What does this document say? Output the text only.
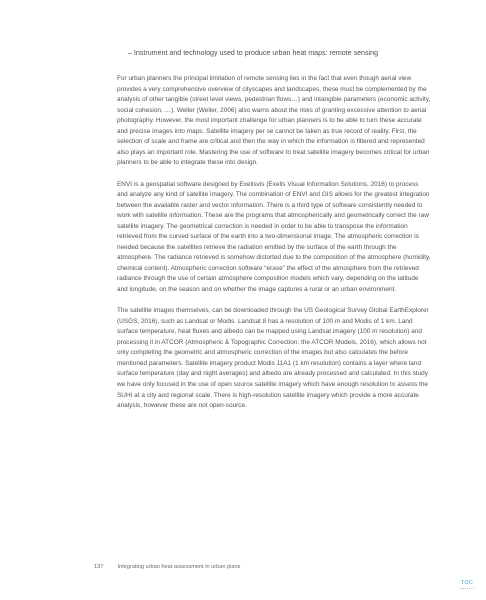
– Instrument and technology used to produce urban heat maps: remote sensing

For urban planners the principal limitation of remote sensing lies in the fact that even though aerial view provides a very comprehensive overview of cityscapes and landscapes, these must be complemented by the analysis of other tangible (street level views, pedestrian flows…) and intangible parameters (economic activity, social cohesion, …). Weller (Weller, 2006) also warns about the risks of granting excessive attention to aerial photography. However, the most important challenge for urban planners is to be able to turn these accurate and precise images into maps. Satellite imagery per se cannot be taken as true record of reality. First, the selection of scale and frame are critical and then the way in which the information is filtered and represented also plays an important role. Mastering the use of software to treat satellite imagery becomes critical for urban planners to be able to integrate these into design.

ENVI is a geospatial software designed by Exelisvis (Exelis Visual Information Solutions, 2016) to process and analyze any kind of satellite imagery. The combination of ENVI and GIS allows for the greatest integration between the available raster and vector information. There is a third type of software consistently needed to work with satellite information. These are the programs that atmospherically and geometrically correct the raw satellite imagery. The geometrical correction is needed in order to be able to transpose the information retrieved from the curved surface of the earth into a two-dimensional image. The atmospheric correction is needed because the satellites retrieve the radiation emitted by the surface of the earth through the atmosphere. The radiance retrieved is somehow distorted due to the composition of the atmosphere (humidity, chemical content). Atmospheric correction software “erase” the effect of the atmosphere from the retrieved radiance through the use of certain atmosphere composition models which vary, depending on the latitude and longitude, on the season and on whether the image captures a rural or an urban environment.

The satellite images themselves, can be downloaded through the US Geological Survey Global EarthExplorer (USGS, 2016), such as Landsat or Modis. Landsat 8 has a resolution of 100 m and Modis of 1 km. Land surface temperature, heat fluxes and albedo can be mapped using Landsat imagery (100 m resolution) and processing it in ATCOR (Atmospheric & Topographic Correction: the ATCOR Models, 2016), which allows not only completing the geometric and atmospheric correction of the images but also calculates the before mentioned parameters. Satellite imagery product Modis 11A1 (1 km resolution) contains a layer where land surface temperature (day and night averages) and albedo are already processed and calculated. In this study we have only focused in the use of open source satellite imagery which have enough resolution to assess the SUHI at a city and regional scale. There is high-resolution satellite imagery which provide a more accurate analysis, however these are not open-source.

137	Integrating urban heat assessment in urban plans
TOC
